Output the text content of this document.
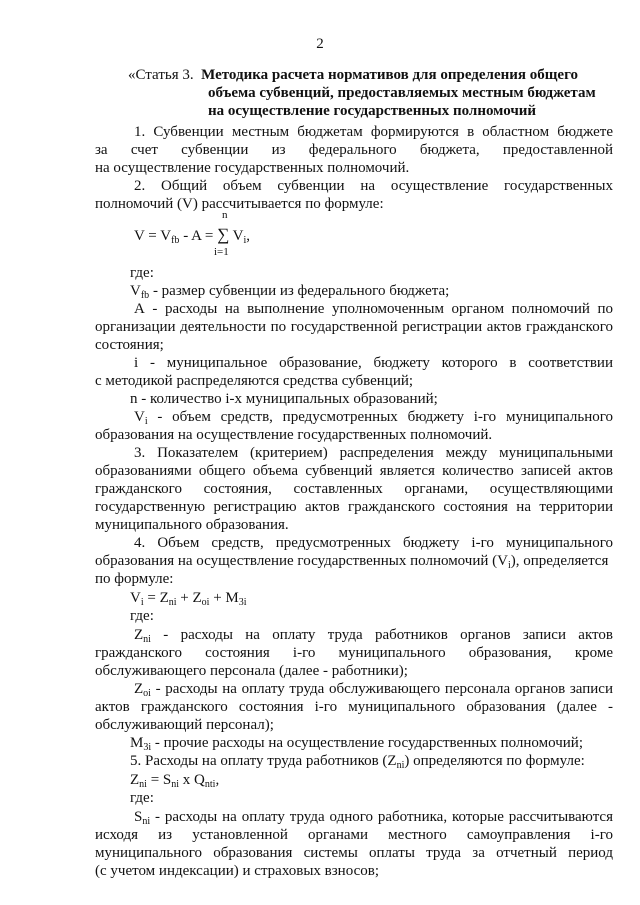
2
«Статья 3. Методика расчета нормативов для определения общего
объема субвенций, предоставляемых местным бюджетам
на осуществление государственных полномочий
1. Субвенции местным бюджетам формируются в областном бюджете
за счет субвенции из федерального бюджета, предоставленной
на осуществление государственных полномочий.
2. Общий объем субвенции на осуществление государственных
полномочий (V) рассчитывается по формуле:
n
$V = V_{fb} - A$ = ∑ $V_i$,
i=1
где:
$V_{fb}$ - размер субвенции из федерального бюджета;
А - расходы на выполнение уполномоченным органом полномочий по
организации деятельности по государственной регистрации актов гражданского
состояния;
i - муниципальное образование, бюджету которого в соответствии
с методикой распределяются средства субвенций;
n - количество i-х муниципальных образований;
$V_i$ - объем средств, предусмотренных бюджету i-го муниципального
образования на осуществление государственных полномочий.
3. Показателем (критерием) распределения между муниципальными
образованиями общего объема субвенций является количество записей актов
гражданского состояния, составленных органами, осуществляющими
государственную регистрацию актов гражданского состояния на территории
муниципального образования.
4. Объем средств, предусмотренных бюджету i-го муниципального
образования на осуществление государственных полномочий $(V_i)$, определяется
по формуле:
$V_i = Z_{ni} + Z_{oi} + M_{3i}$
где:
$Z_{ni}$ - расходы на оплату труда работников органов записи актов
гражданского состояния i-го муниципального образования, кроме
обслуживающего персонала (далее - работники);
$Z_{oi}$ - расходы на оплату труда обслуживающего персонала органов записи
актов гражданского состояния i-го муниципального образования (далее -
обслуживающий персонал);
$M_{3i}$ - прочие расходы на осуществление государственных полномочий;
5. Расходы на оплату труда работников $(Z_{ni})$ определяются по формуле:
$Z_{ni} = S_{ni}$ x $Q_{nti}$,
где:
$S_{ni}$ - расходы на оплату труда одного работника, которые рассчитываются
исходя из установленной органами местного самоуправления i-го
муниципального образования системы оплаты труда за отчетный период
(с учетом индексации) и страховых взносов;
